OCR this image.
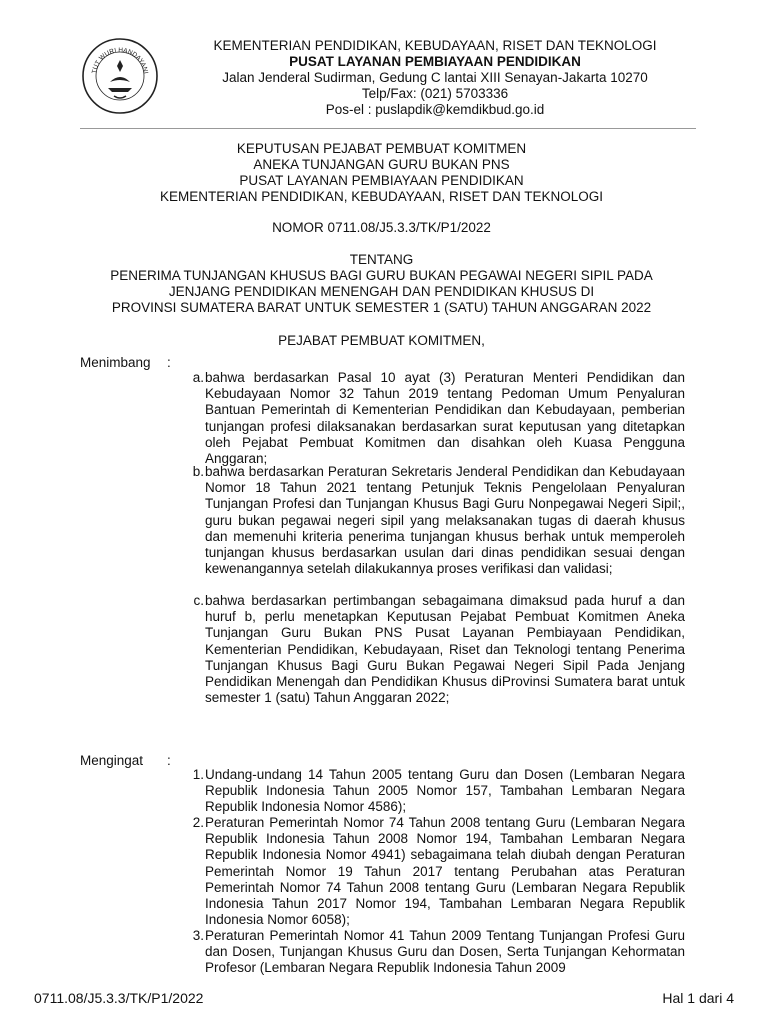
TUT WURI HANDAYANI
KEMENTERIAN PENDIDIKAN, KEBUDAYAAN, RISET DAN TEKNOLOGI
PUSAT LAYANAN PEMBIAYAAN PENDIDIKAN
Jalan Jenderal Sudirman, Gedung C lantai XIII Senayan-Jakarta 10270
Telp/Fax: (021) 5703336
Pos-el : puslapdik@kemdikbud.go.id
KEPUTUSAN PEJABAT PEMBUAT KOMITMEN
ANEKA TUNJANGAN GURU BUKAN PNS
PUSAT LAYANAN PEMBIAYAAN PENDIDIKAN
KEMENTERIAN PENDIDIKAN, KEBUDAYAAN, RISET DAN TEKNOLOGI
NOMOR 0711.08/J5.3.3/TK/P1/2022
TENTANG
PENERIMA TUNJANGAN KHUSUS BAGI GURU BUKAN PEGAWAI NEGERI SIPIL PADA
JENJANG PENDIDIKAN MENENGAH DAN PENDIDIKAN KHUSUS DI
PROVINSI SUMATERA BARAT UNTUK SEMESTER 1 (SATU) TAHUN ANGGARAN 2022
PEJABAT PEMBUAT KOMITMEN,
Menimbang :
a. bahwa berdasarkan Pasal 10 ayat (3) Peraturan Menteri Pendidikan dan Kebudayaan Nomor 32 Tahun 2019 tentang Pedoman Umum Penyaluran Bantuan Pemerintah di Kementerian Pendidikan dan Kebudayaan, pemberian tunjangan profesi dilaksanakan berdasarkan surat keputusan yang ditetapkan oleh Pejabat Pembuat Komitmen dan disahkan oleh Kuasa Pengguna Anggaran;
b. bahwa berdasarkan Peraturan Sekretaris Jenderal Pendidikan dan Kebudayaan Nomor 18 Tahun 2021 tentang Petunjuk Teknis Pengelolaan Penyaluran Tunjangan Profesi dan Tunjangan Khusus Bagi Guru Nonpegawai Negeri Sipil;, guru bukan pegawai negeri sipil yang melaksanakan tugas di daerah khusus dan memenuhi kriteria penerima tunjangan khusus berhak untuk memperoleh tunjangan khusus berdasarkan usulan dari dinas pendidikan sesuai dengan kewenangannya setelah dilakukannya proses verifikasi dan validasi;
c. bahwa berdasarkan pertimbangan sebagaimana dimaksud pada huruf a dan huruf b, perlu menetapkan Keputusan Pejabat Pembuat Komitmen Aneka Tunjangan Guru Bukan PNS Pusat Layanan Pembiayaan Pendidikan, Kementerian Pendidikan, Kebudayaan, Riset dan Teknologi tentang Penerima Tunjangan Khusus Bagi Guru Bukan Pegawai Negeri Sipil Pada Jenjang Pendidikan Menengah dan Pendidikan Khusus diProvinsi Sumatera barat untuk semester 1 (satu) Tahun Anggaran 2022;
Mengingat :
1. Undang-undang 14 Tahun 2005 tentang Guru dan Dosen (Lembaran Negara Republik Indonesia Tahun 2005 Nomor 157, Tambahan Lembaran Negara Republik Indonesia Nomor 4586);
2. Peraturan Pemerintah Nomor 74 Tahun 2008 tentang Guru (Lembaran Negara Republik Indonesia Tahun 2008 Nomor 194, Tambahan Lembaran Negara Republik Indonesia Nomor 4941) sebagaimana telah diubah dengan Peraturan Pemerintah Nomor 19 Tahun 2017 tentang Perubahan atas Peraturan Pemerintah Nomor 74 Tahun 2008 tentang Guru (Lembaran Negara Republik Indonesia Tahun 2017 Nomor 194, Tambahan Lembaran Negara Republik Indonesia Nomor 6058);
3. Peraturan Pemerintah Nomor 41 Tahun 2009 Tentang Tunjangan Profesi Guru dan Dosen, Tunjangan Khusus Guru dan Dosen, Serta Tunjangan Kehormatan Profesor (Lembaran Negara Republik Indonesia Tahun 2009
0711.08/J5.3.3/TK/P1/2022	Hal 1 dari 4
